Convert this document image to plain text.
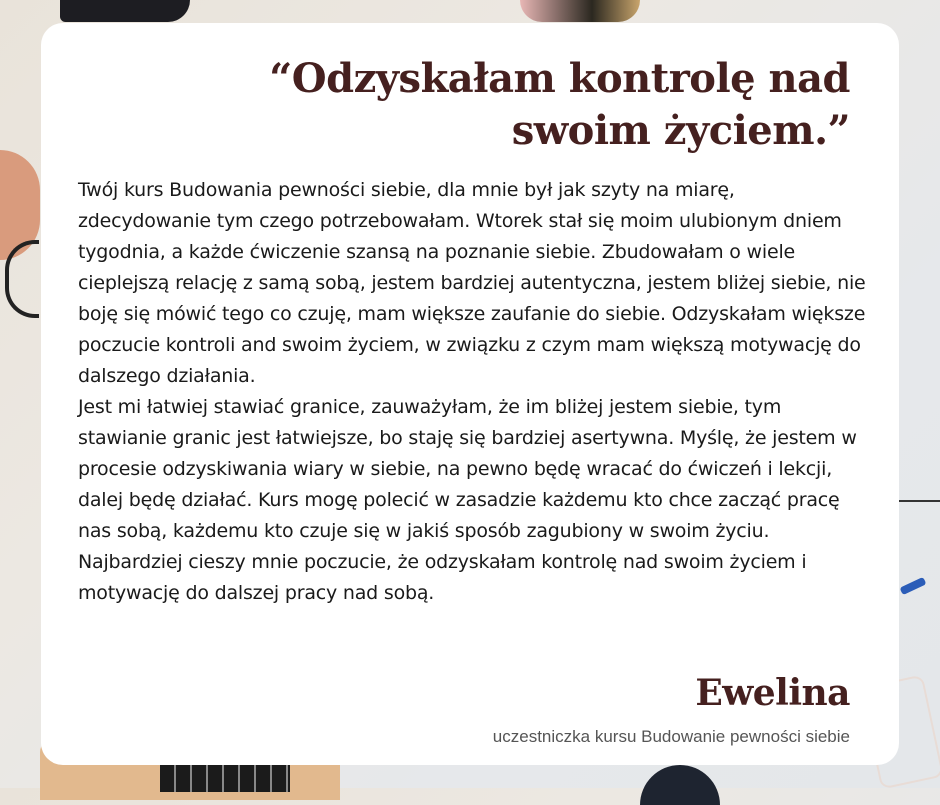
“Odzyskałam kontrolę nad swoim życiem.”

Twój kurs Budowania pewności siebie, dla mnie był jak szyty na miarę, zdecydowanie tym czego potrzebowałam. Wtorek stał się moim ulubionym dniem tygodnia, a każde ćwiczenie szansą na poznanie siebie. Zbudowałam o wiele cieplejszą relację z samą sobą, jestem bardziej autentyczna, jestem bliżej siebie, nie boję się mówić tego co czuję, mam większe zaufanie do siebie. Odzyskałam większe poczucie kontroli and swoim życiem, w związku z czym mam większą motywację do dalszego działania.

Jest mi łatwiej stawiać granice, zauważyłam, że im bliżej jestem siebie, tym stawianie granic jest łatwiejsze, bo staję się bardziej asertywna. Myślę, że jestem w procesie odzyskiwania wiary w siebie, na pewno będę wracać do ćwiczeń i lekcji, dalej będę działać. Kurs mogę polecić w zasadzie każdemu kto chce zacząć pracę nas sobą, każdemu kto czuje się w jakiś sposób zagubiony w swoim życiu. Najbardziej cieszy mnie poczucie, że odzyskałam kontrolę nad swoim życiem i motywację do dalszej pracy nad sobą.

Ewelina
uczestniczka kursu Budowanie pewności siebie
